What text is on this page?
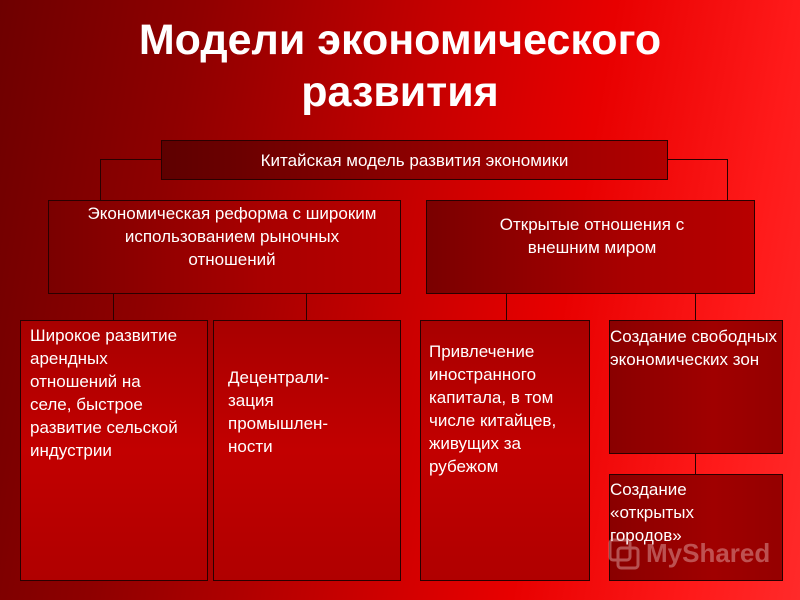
Модели экономического
развития
Китайская модель развития экономики
Экономическая реформа с широким использованием рыночных отношений
Открытые отношения с внешним миром
Широкое развитие арендных отношений на селе, быстрое развитие сельской индустрии
Децентрали-зация промышлен-ности
Привлечение иностранного капитала, в том числе китайцев, живущих за рубежом
Создание свободных экономических зон
Создание «открытых городов»
MyShared
